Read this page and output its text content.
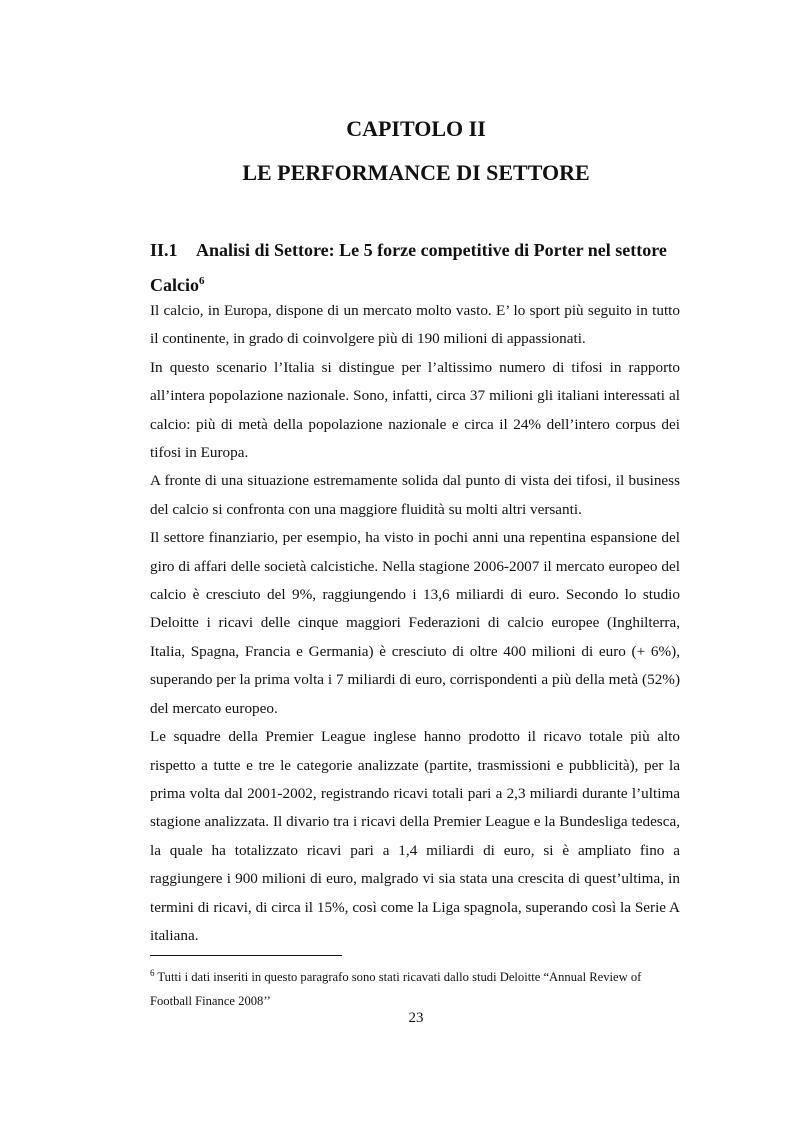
CAPITOLO II
LE PERFORMANCE DI SETTORE
II.1 Analisi di Settore: Le 5 forze competitive di Porter nel settore Calcio$^6$

Il calcio, in Europa, dispone di un mercato molto vasto. E’ lo sport più seguito in tutto il continente, in grado di coinvolgere più di 190 milioni di appassionati.

In questo scenario l’Italia si distingue per l’altissimo numero di tifosi in rapporto all’intera popolazione nazionale. Sono, infatti, circa 37 milioni gli italiani interessati al calcio: più di metà della popolazione nazionale e circa il 24% dell’intero corpus dei tifosi in Europa.

A fronte di una situazione estremamente solida dal punto di vista dei tifosi, il business del calcio si confronta con una maggiore fluidità su molti altri versanti.

Il settore finanziario, per esempio, ha visto in pochi anni una repentina espansione del giro di affari delle società calcistiche. Nella stagione 2006-2007 il mercato europeo del calcio è cresciuto del 9%, raggiungendo i 13,6 miliardi di euro. Secondo lo studio Deloitte i ricavi delle cinque maggiori Federazioni di calcio europee (Inghilterra, Italia, Spagna, Francia e Germania) è cresciuto di oltre 400 milioni di euro (+ 6%), superando per la prima volta i 7 miliardi di euro, corrispondenti a più della metà (52%) del mercato europeo.

Le squadre della Premier League inglese hanno prodotto il ricavo totale più alto rispetto a tutte e tre le categorie analizzate (partite, trasmissioni e pubblicità), per la prima volta dal 2001-2002, registrando ricavi totali pari a 2,3 miliardi durante l’ultima stagione analizzata. Il divario tra i ricavi della Premier League e la Bundesliga tedesca, la quale ha totalizzato ricavi pari a 1,4 miliardi di euro, si è ampliato fino a raggiungere i 900 milioni di euro, malgrado vi sia stata una crescita di quest’ultima, in termini di ricavi, di circa il 15%, così come la Liga spagnola, superando così la Serie A italiana.

$^6$ Tutti i dati inseriti in questo paragrafo sono stati ricavati dallo studi Deloitte “Annual Review of Football Finance 2008’’
23
